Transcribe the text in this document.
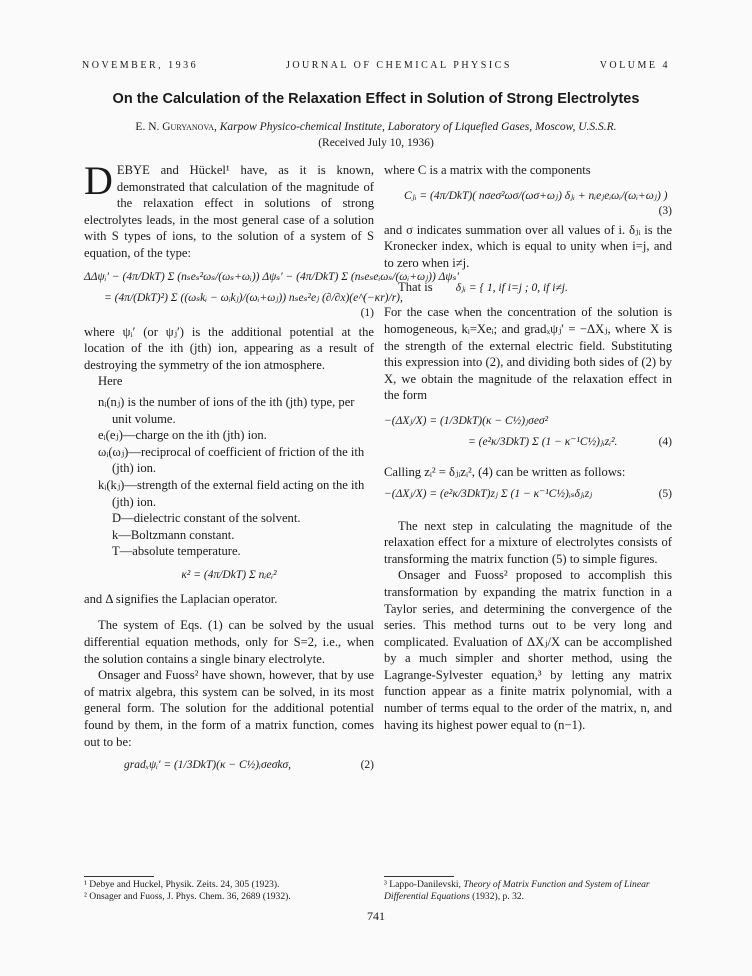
NOVEMBER, 1936	JOURNAL OF CHEMICAL PHYSICS	VOLUME 4
On the Calculation of the Relaxation Effect in Solution of Strong Electrolytes
E. N. Guryanova, Karpow Physico-chemical Institute, Laboratory of Liquefied Gases, Moscow, U.S.S.R.
(Received July 10, 1936)

D EBYE and Hückel¹ have, as it is known, demonstrated that calculation of the magnitude of the relaxation effect in solutions of strong electrolytes leads, in the most general case of a solution with S types of ions, to the solution of a system of S equation, of the type:

ΔΔψᵢ′ − (4π/DkT) Σ (nₛeₛ²ωₛ/(ωₛ+ωᵢ)) Δψₛ′ − (4π/DkT) Σ (nₛeₛeᵢωₛ/(ωᵢ+ωⱼ)) Δψₛ′
= (4π/(DkT)²) Σ ((ωₛkᵢ − ωᵢkⱼ)/(ωᵢ+ωⱼ)) nₛeₛ²eⱼ (∂/∂x)(e^(−κr)/r),
(1)

where ψᵢ′ (or ψⱼ′) is the additional potential at the location of the ith (jth) ion, appearing as a result of destroying the symmetry of the ion atmosphere.

Here

nᵢ(nⱼ) is the number of ions of the ith (jth) type, per unit volume.
eᵢ(eⱼ)—charge on the ith (jth) ion.
ωᵢ(ωⱼ)—reciprocal of coefficient of friction of the ith (jth) ion.
kᵢ(kⱼ)—strength of the external field acting on the ith (jth) ion.
D—dielectric constant of the solvent.
k—Boltzmann constant.
T—absolute temperature.
κ² = (4π/DkT) Σ nᵢeᵢ²

and Δ signifies the Laplacian operator.

The system of Eqs. (1) can be solved by the usual differential equation methods, only for S=2, i.e., when the solution contains a single binary electrolyte.

Onsager and Fuoss² have shown, however, that by use of matrix algebra, this system can be solved, in its most general form. The solution for the additional potential found by them, in the form of a matrix function, comes out to be:

gradₓψᵢ′ = (1/3DkT)(κ − C½)ᵢσeσkσ,	(2)

where C is a matrix with the components

Cⱼᵢ = (4π/DkT)( nσeσ²ωσ/(ωσ+ωⱼ) δⱼᵢ + nᵢeⱼeᵢωᵢ/(ωᵢ+ωⱼ) )
(3)

and σ indicates summation over all values of i. δⱼᵢ is the Kronecker index, which is equal to unity when i=j, and to zero when i≠j.

That is δⱼᵢ = { 1, if i=j ; 0, if i≠j.

For the case when the concentration of the solution is homogeneous, kᵢ=Xeᵢ; and gradₓψⱼ′ = −ΔXⱼ, where X is the strength of the external electric field. Substituting this expression into (2), and dividing both sides of (2) by X, we obtain the magnitude of the relaxation effect in the form

−(ΔXⱼ/X) = (1/3DkT)(κ − C½)ⱼσeσ²
= (e²κ/3DkT) Σ (1 − κ⁻¹C½)ⱼᵢzᵢ².	(4)

Calling zᵢ² = δⱼᵢzᵢ², (4) can be written as follows:

−(ΔXⱼ/X) = (e²κ/3DkT)zⱼ Σ (1 − κ⁻¹C½)ᵢₛδⱼᵢzⱼ	(5)

The next step in calculating the magnitude of the relaxation effect for a mixture of electrolytes consists of transforming the matrix function (5) to simple figures.

Onsager and Fuoss² proposed to accomplish this transformation by expanding the matrix function in a Taylor series, and determining the convergence of the series. This method turns out to be very long and complicated. Evaluation of ΔXⱼ/X can be accomplished by a much simpler and shorter method, using the Lagrange-Sylvester equation,³ by letting any matrix function appear as a finite matrix polynomial, with a number of terms equal to the order of the matrix, n, and having its highest power equal to (n−1).

¹ Debye and Huckel, Physik. Zeits. 24, 305 (1923).
² Onsager and Fuoss, J. Phys. Chem. 36, 2689 (1932).
³ Lappo-Danilevski, Theory of Matrix Function and System of Linear Differential Equations (1932), p. 32.
741
